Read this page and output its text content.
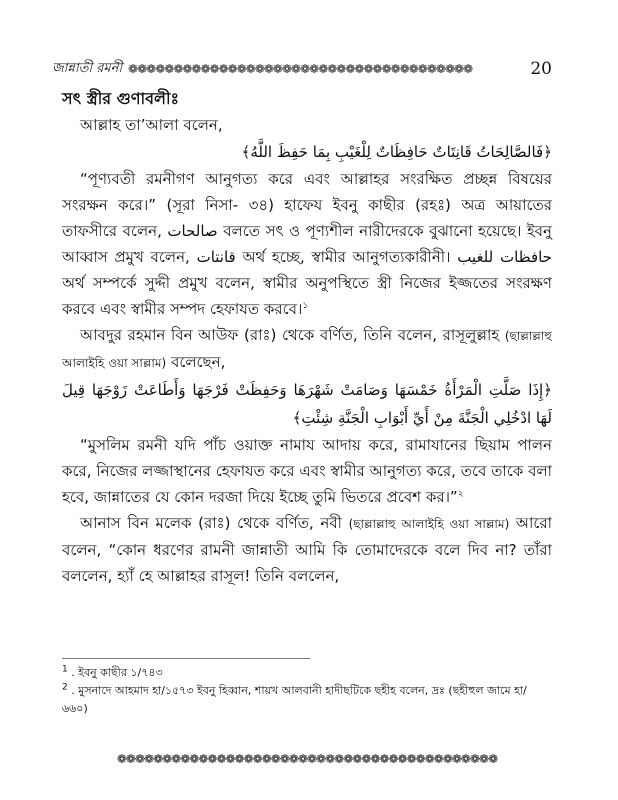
জান্নাতী রমনী ❁❁❁❁❁❁❁❁❁❁❁❁❁❁❁❁❁❁❁❁❁❁❁❁❁❁❁❁❁❁❁❁❁❁❁❁❁❁	20

সৎ স্ত্রীর গুণাবলীঃ

আল্লাহ তা’আলা বলেন,

﴿فَالصَّالِحَاتُ قَانِتَاتٌ حَافِظَاتٌ لِلْغَيْبِ بِمَا حَفِظَ اللَّهُ﴾

“পূণ্যবতী রমনীগণ আনুগত্য করে এবং আল্লাহর সংরক্ষিত প্রচ্ছন্ন বিষয়ের সংরক্ষন করে।” (সূরা নিসা- ৩৪) হাফেয ইবনু কাছীর (রহঃ) অত্র আয়াতের তাফসীরে বলেন, صالحات বলতে সৎ ও পূণ্যশীল নারীদেরকে বুঝানো হয়েছে। ইবনু আব্বাস প্রমুখ বলেন, قانتات অর্থ হচ্ছে, স্বামীর আনুগত্যকারীনী। حافظات للغيب অর্থ সম্পর্কে সুদ্দী প্রমুখ বলেন, স্বামীর অনুপস্থিতে স্ত্রী নিজের ইজ্জতের সংরক্ষণ করবে এবং স্বামীর সম্পদ হেফাযত করবে।$^১$

আবদুর রহমান বিন আউফ (রাঃ) থেকে বর্ণিত, তিনি বলেন, রাসূলুল্লাহ (ছাল্লাল্লাহু আলাইহি ওয়া সাল্লাম) বলেছেন,

﴿إِذَا صَلَّتِ الْمَرْأَةُ خَمْسَهَا وَصَامَتْ شَهْرَهَا وَحَفِظَتْ فَرْجَهَا وَأَطَاعَتْ زَوْجَهَا قِيلَ لَهَا ادْخُلِي الْجَنَّةَ مِنْ أَيِّ أَبْوَابِ الْجَنَّةِ شِئْتِ﴾

“মুসলিম রমনী যদি পাঁচ ওয়াক্ত নামায আদায় করে, রামাযানের ছিয়াম পালন করে, নিজের লজ্জাস্থানের হেফাযত করে এবং স্বামীর আনুগত্য করে, তবে তাকে বলা হবে, জান্নাতের যে কোন দরজা দিয়ে ইচ্ছে তুমি ভিতরে প্রবেশ কর।”$^২$

আনাস বিন মলেক (রাঃ) থেকে বর্ণিত, নবী (ছাল্লাল্লাহু আলাইহি ওয়া সাল্লাম) আরো বলেন, “কোন ধরণের রামনী জান্নাতী আমি কি তোমাদেরকে বলে দিব না? তাঁরা বললেন, হ্যাঁ হে আল্লাহর রাসূল! তিনি বললেন,

$^1$ . ইবনু কাছীর ১/৭৪৩

$^2$ . মুসনাদে আহমাদ হা/১৫৭৩ ইবনু হিব্বান, শায়খ আলবানী হাদীছটিকে ছহীহ বলেন, দ্রঃ (ছহীহুল জামে হা/৬৬০)

❁❁❁❁❁❁❁❁❁❁❁❁❁❁❁❁❁❁❁❁❁❁❁❁❁❁❁❁❁❁❁❁❁❁❁❁❁❁❁❁❁❁
